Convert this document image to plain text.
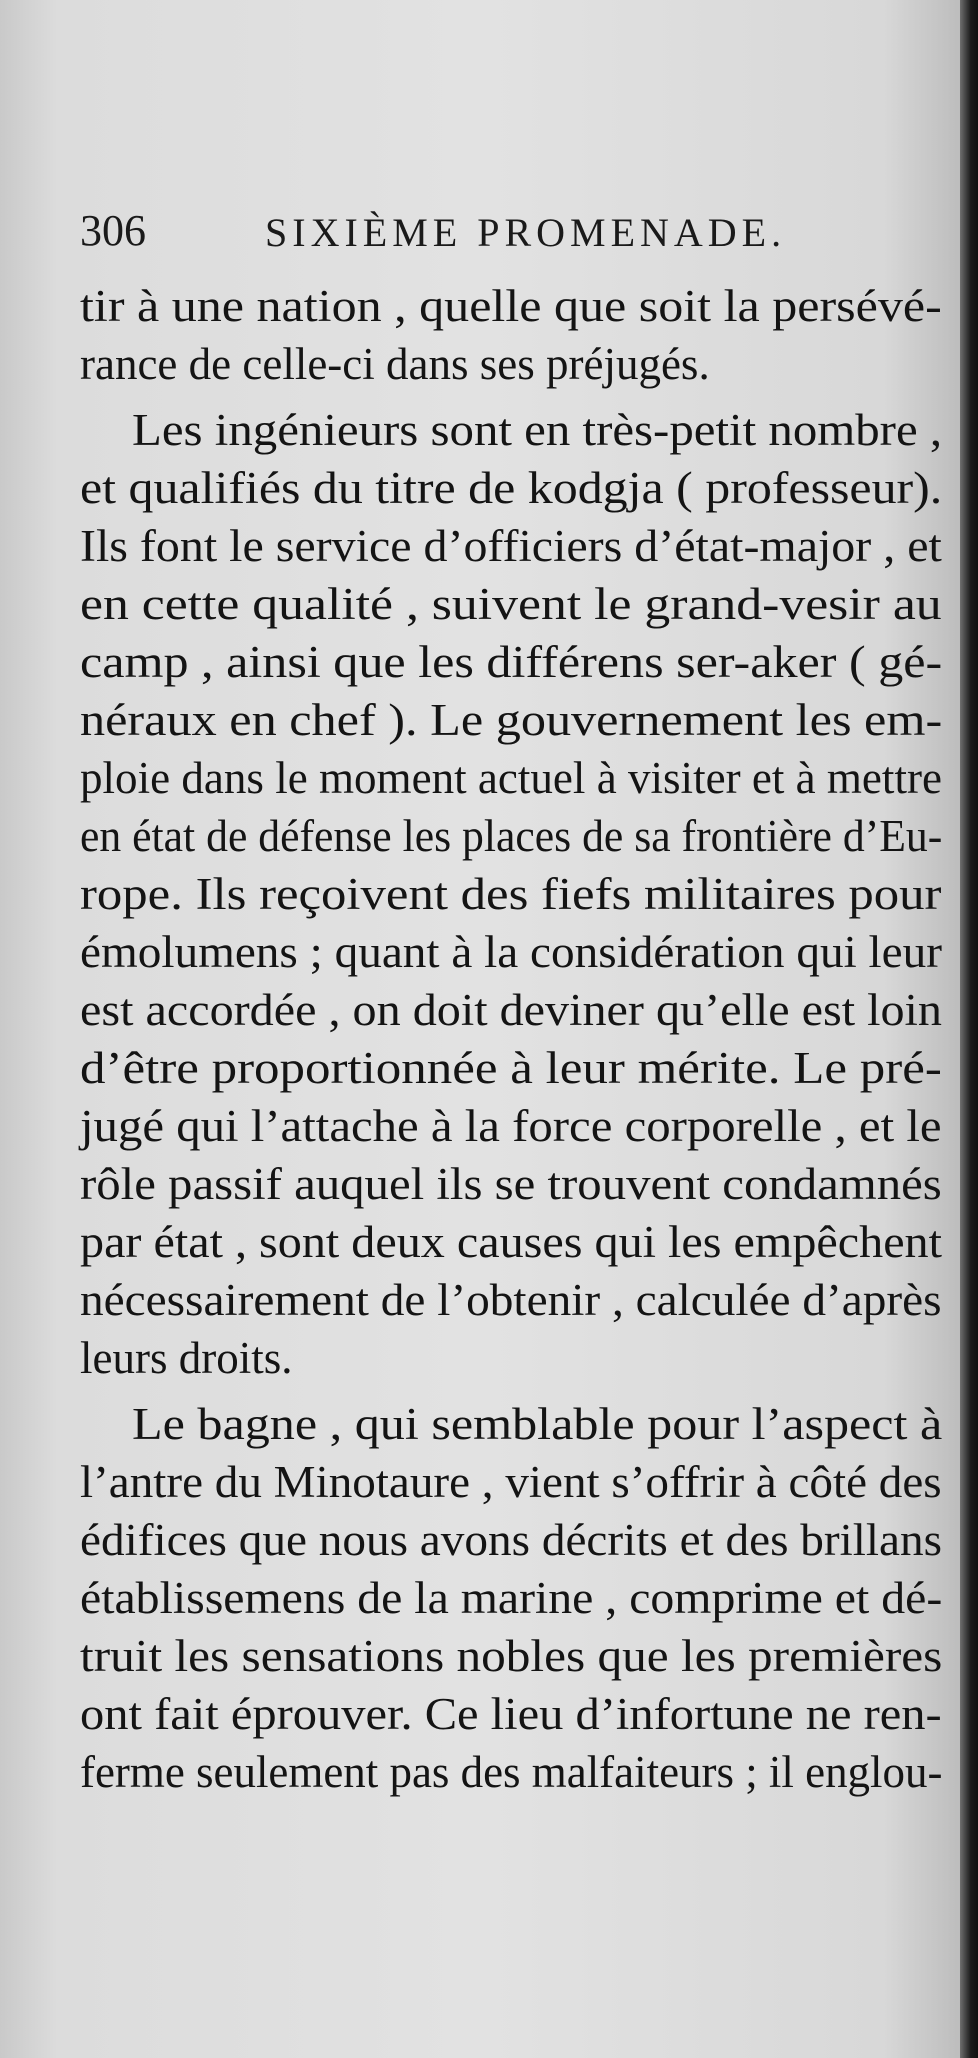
306	SIXIÈME PROMENADE.
tir à une nation , quelle que soit la persévé-
rance de celle-ci dans ses préjugés.
Les ingénieurs sont en très-petit nombre ,
et qualifiés du titre de kodgja ( professeur).
Ils font le service d’officiers d’état-major , et
en cette qualité , suivent le grand-vesir au
camp , ainsi que les différens ser-aker ( gé-
néraux en chef ). Le gouvernement les em-
ploie dans le moment actuel à visiter et à mettre
en état de défense les places de sa frontière d’Eu-
rope. Ils reçoivent des fiefs militaires pour
émolumens ; quant à la considération qui leur
est accordée , on doit deviner qu’elle est loin
d’être proportionnée à leur mérite. Le pré-
jugé qui l’attache à la force corporelle , et le
rôle passif auquel ils se trouvent condamnés
par état , sont deux causes qui les empêchent
nécessairement de l’obtenir , calculée d’après
leurs droits.
Le bagne , qui semblable pour l’aspect à
l’antre du Minotaure , vient s’offrir à côté des
édifices que nous avons décrits et des brillans
établissemens de la marine , comprime et dé-
truit les sensations nobles que les premières
ont fait éprouver. Ce lieu d’infortune ne ren-
ferme seulement pas des malfaiteurs ; il englou-
